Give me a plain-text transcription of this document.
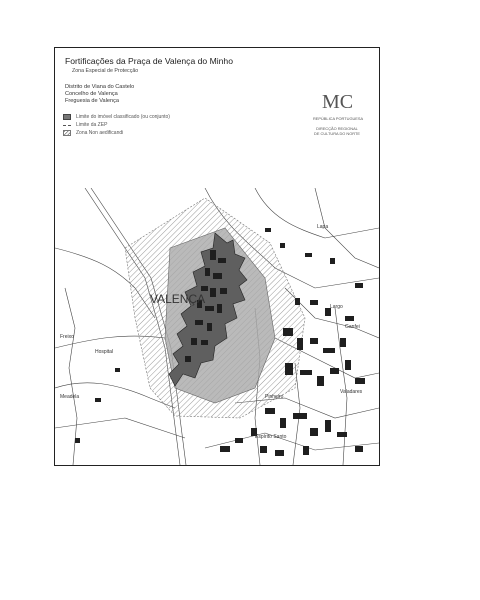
Fortificações da Praça de Valença do Minho
Zona Especial de Protecção
Distrito de Viana do Castelo
Concelho de Valença
Freguesia de Valença
Limite do imóvel classificado (ou conjunto)
Limite da ZEP
Zona Non aedificandi
MC
REPÚBLICA PORTUGUESA
DIRECÇÃO REGIONAL
DE CULTURA DO NORTE
VALENÇA
Lapa
Hospital
Pinheiro
Espírito Santo
Largo
Ganfei
Meadela
Freixo
Valadares
